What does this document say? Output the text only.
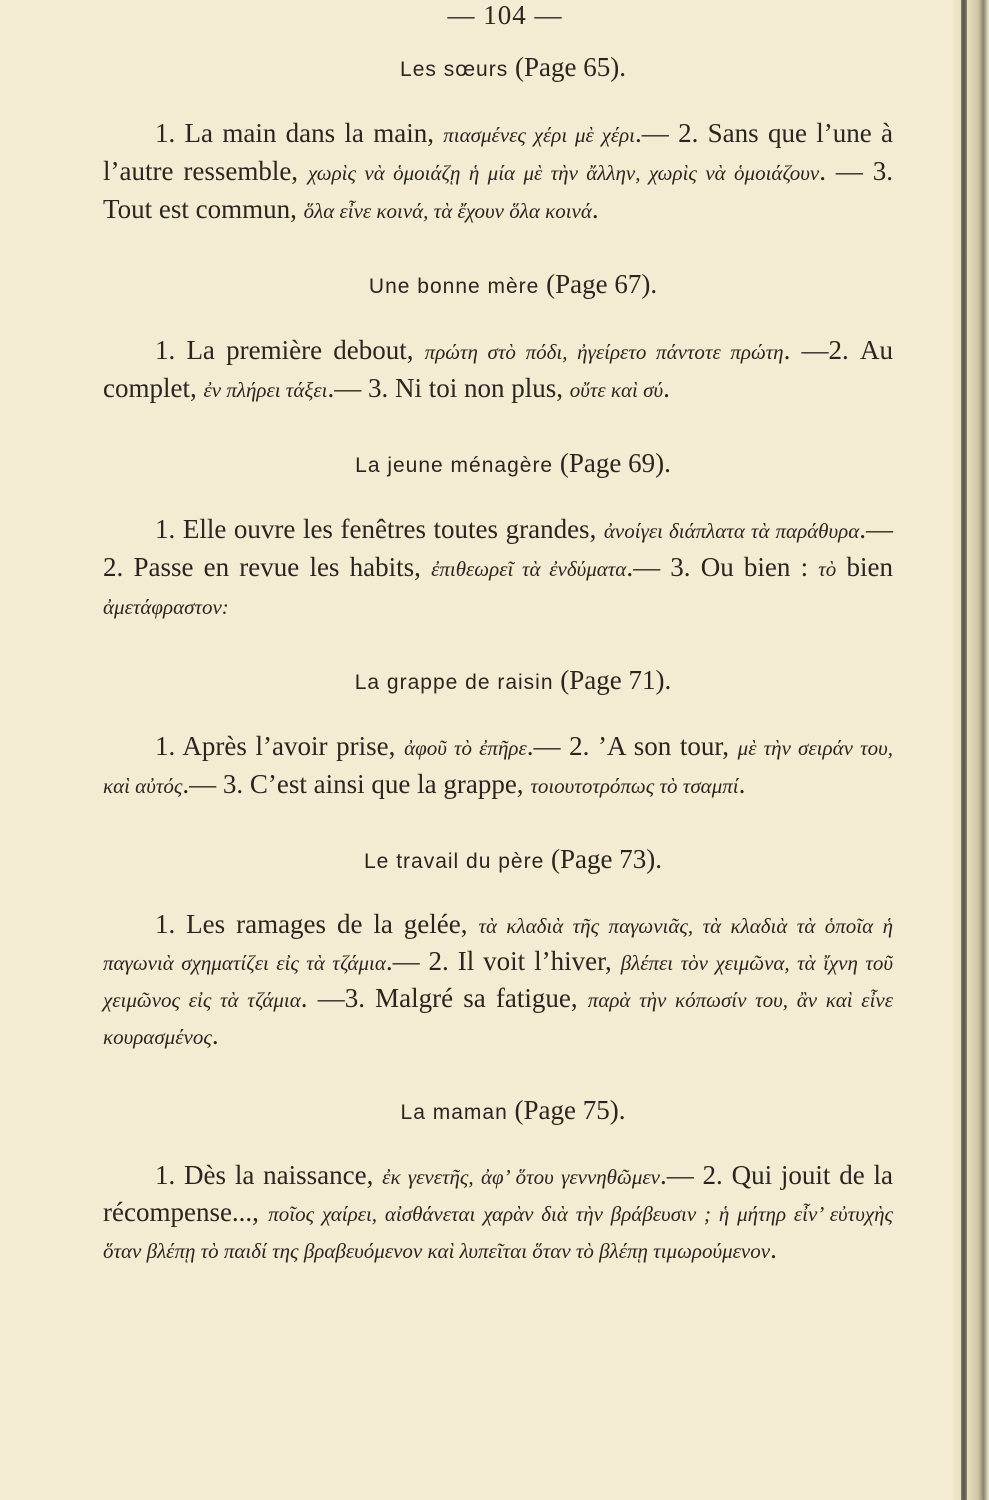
— 104 —
Les sœurs (Page 65).

1. La main dans la main, πιασμένες χέρι μὲ χέρι.— 2. Sans que l’une à l’autre ressemble, χωρὶς νὰ ὁμοιάζῃ ἡ μία μὲ τὴν ἄλλην, χωρὶς νὰ ὁμοιάζουν. — 3. Tout est commun, ὅλα εἶνε κοινά, τὰ ἔχουν ὅλα κοινά.

Une bonne mère (Page 67).

1. La première debout, πρώτη στὸ πόδι, ἠγείρετο πάντοτε πρώτη. —2. Au complet, ἐν πλήρει τάξει.— 3. Ni toi non plus, οὔτε καὶ σύ.

La jeune ménagère (Page 69).

1. Elle ouvre les fenêtres toutes grandes, ἀνοίγει διάπλατα τὰ παράθυρα.— 2. Passe en revue les habits, ἐπιθεωρεῖ τὰ ἐνδύματα.— 3. Ou bien : τὸ bien ἀμετάφραστον:

La grappe de raisin (Page 71).

1. Après l’avoir prise, ἀφοῦ τὸ ἐπῆρε.— 2. ’A son tour, μὲ τὴν σειράν του, καὶ αὐτός.— 3. C’est ainsi que la grappe, τοιουτοτρόπως τὸ τσαμπί.

Le travail du père (Page 73).

1. Les ramages de la gelée, τὰ κλαδιὰ τῆς παγωνιᾶς, τὰ κλαδιὰ τὰ ὁποῖα ἡ παγωνιὰ σχηματίζει εἰς τὰ τζάμια.— 2. Il voit l’hiver, βλέπει τὸν χειμῶνα, τὰ ἴχνη τοῦ χειμῶνος εἰς τὰ τζάμια. —3. Malgré sa fatigue, παρὰ τὴν κόπωσίν του, ἂν καὶ εἶνε κουρασμένος.

La maman (Page 75).

1. Dès la naissance, ἐκ γενετῆς, ἀφ’ ὅτου γεννηθῶμεν.— 2. Qui jouit de la récompense..., ποῖος χαίρει, αἰσθάνεται χαρὰν διὰ τὴν βράβευσιν ; ἡ μήτηρ εἶν’ εὐτυχὴς ὅταν βλέπῃ τὸ παιδί της βραβευόμενον καὶ λυπεῖται ὅταν τὸ βλέπῃ τιμωρούμενον.
